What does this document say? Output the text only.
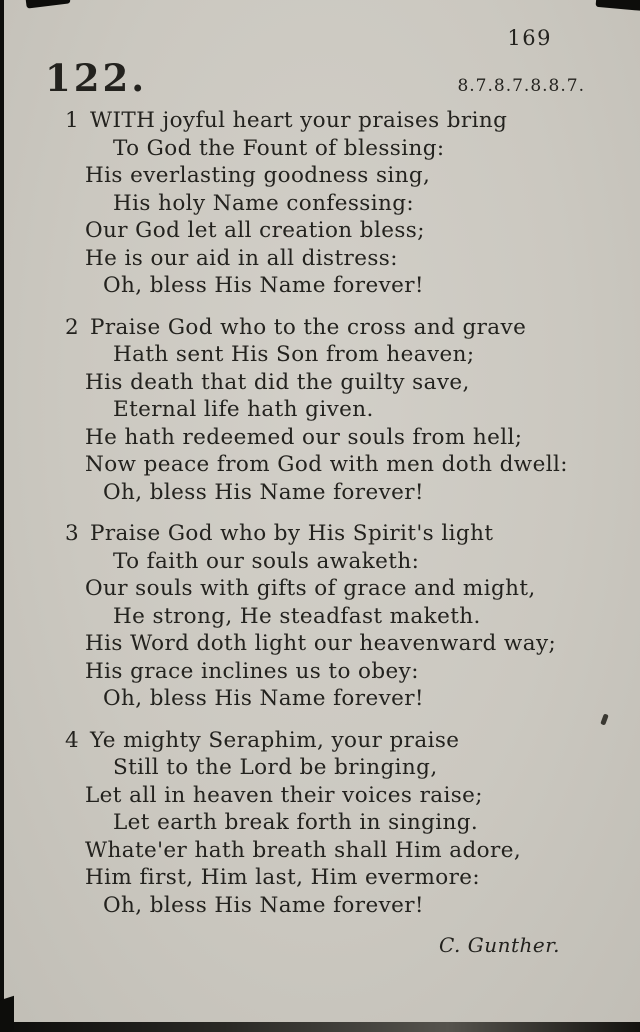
169
122.	8.7.8.7.8.8.7.
1 WITH joyful heart your praises bring
To God the Fount of blessing:
His everlasting goodness sing,
His holy Name confessing:
Our God let all creation bless;
He is our aid in all distress:
Oh, bless His Name forever!
2 Praise God who to the cross and grave
Hath sent His Son from heaven;
His death that did the guilty save,
Eternal life hath given.
He hath redeemed our souls from hell;
Now peace from God with men doth dwell:
Oh, bless His Name forever!
3 Praise God who by His Spirit's light
To faith our souls awaketh:
Our souls with gifts of grace and might,
He strong, He steadfast maketh.
His Word doth light our heavenward way;
His grace inclines us to obey:
Oh, bless His Name forever!
4 Ye mighty Seraphim, your praise
Still to the Lord be bringing,
Let all in heaven their voices raise;
Let earth break forth in singing.
Whate'er hath breath shall Him adore,
Him first, Him last, Him evermore:
Oh, bless His Name forever!
C. Gunther.
